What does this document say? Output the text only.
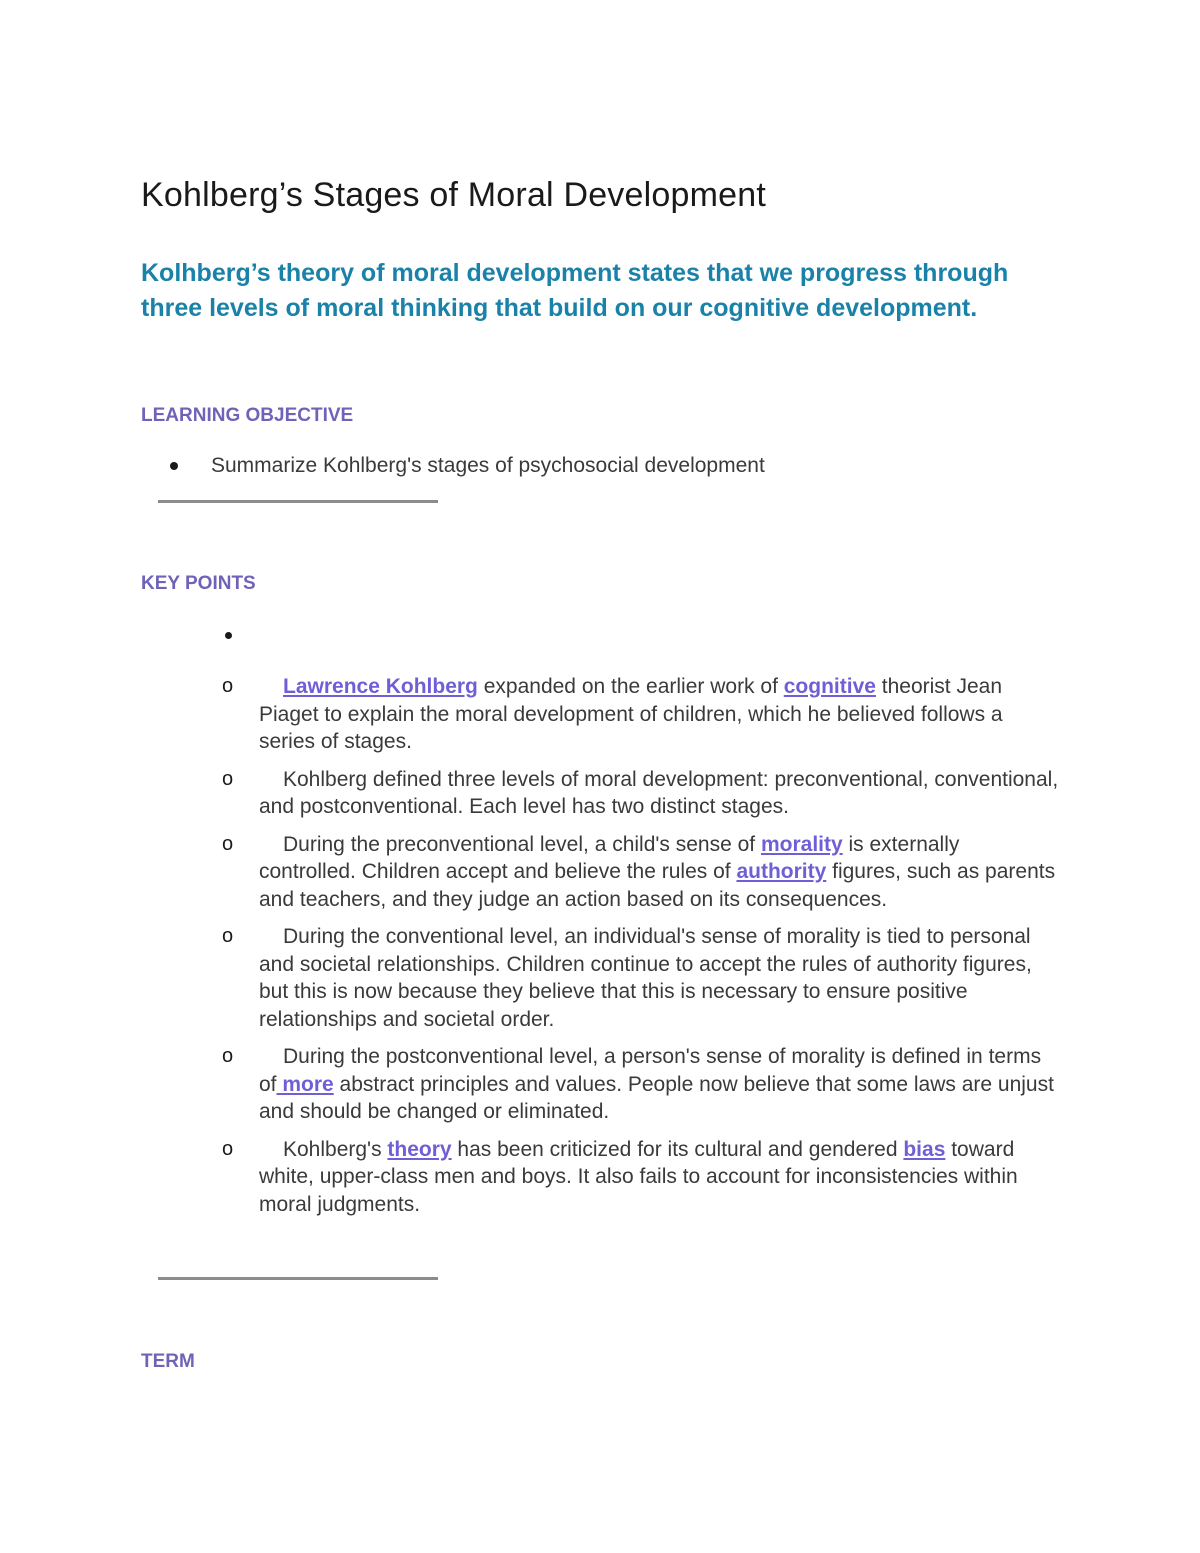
Kohlberg’s Stages of Moral Development

Kolhberg’s theory of moral development states that we progress through three levels of moral thinking that build on our cognitive development.

LEARNING OBJECTIVE
Summarize Kohlberg's stages of psychosocial development
KEY POINTS
o	Lawrence Kohlberg expanded on the earlier work of cognitive theorist Jean Piaget to explain the moral development of children, which he believed follows a series of stages.
o	Kohlberg defined three levels of moral development: preconventional, conventional, and postconventional. Each level has two distinct stages.
o	During the preconventional level, a child's sense of morality is externally controlled. Children accept and believe the rules of authority figures, such as parents and teachers, and they judge an action based on its consequences.
o	During the conventional level, an individual's sense of morality is tied to personal and societal relationships. Children continue to accept the rules of authority figures, but this is now because they believe that this is necessary to ensure positive relationships and societal order.
o	During the postconventional level, a person's sense of morality is defined in terms of more abstract principles and values. People now believe that some laws are unjust and should be changed or eliminated.
o	Kohlberg's theory has been criticized for its cultural and gendered bias toward white, upper-class men and boys. It also fails to account for inconsistencies within moral judgments.
TERM
